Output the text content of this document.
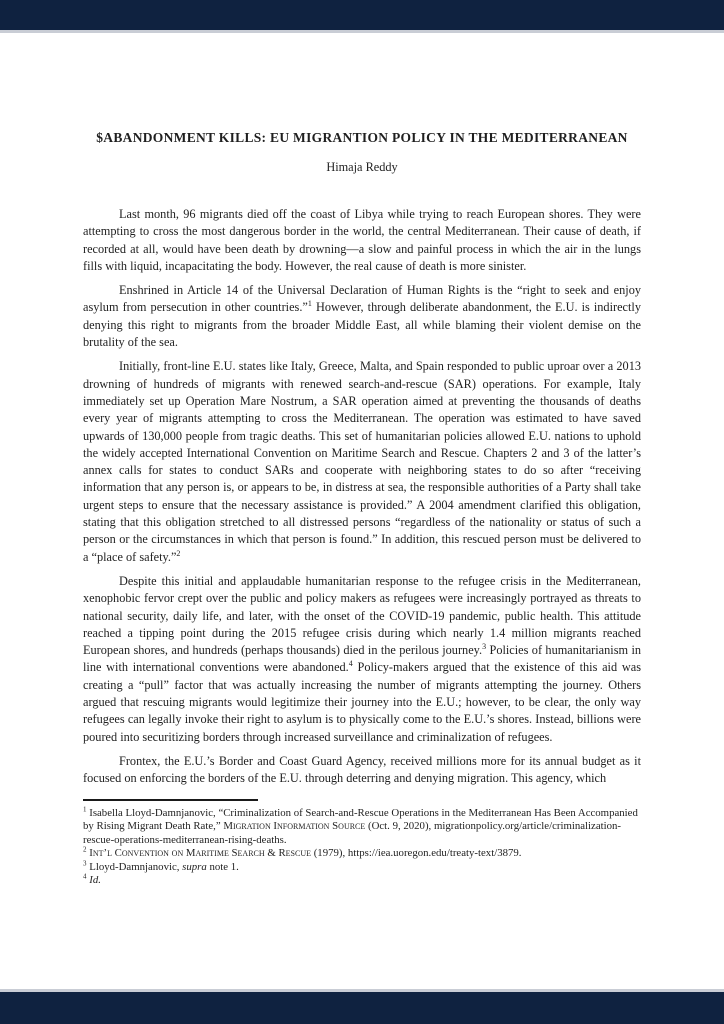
$ABANDONMENT KILLS: EU MIGRANTION POLICY IN THE MEDITERRANEAN
Himaja Reddy

Last month, 96 migrants died off the coast of Libya while trying to reach European shores. They were attempting to cross the most dangerous border in the world, the central Mediterranean. Their cause of death, if recorded at all, would have been death by drowning—a slow and painful process in which the air in the lungs fills with liquid, incapacitating the body. However, the real cause of death is more sinister.

Enshrined in Article 14 of the Universal Declaration of Human Rights is the “right to seek and enjoy asylum from persecution in other countries.”$^1$ However, through deliberate abandonment, the E.U. is indirectly denying this right to migrants from the broader Middle East, all while blaming their violent demise on the brutality of the sea.

Initially, front-line E.U. states like Italy, Greece, Malta, and Spain responded to public uproar over a 2013 drowning of hundreds of migrants with renewed search-and-rescue (SAR) operations. For example, Italy immediately set up Operation Mare Nostrum, a SAR operation aimed at preventing the thousands of deaths every year of migrants attempting to cross the Mediterranean. The operation was estimated to have saved upwards of 130,000 people from tragic deaths. This set of humanitarian policies allowed E.U. nations to uphold the widely accepted International Convention on Maritime Search and Rescue. Chapters 2 and 3 of the latter’s annex calls for states to conduct SARs and cooperate with neighboring states to do so after “receiving information that any person is, or appears to be, in distress at sea, the responsible authorities of a Party shall take urgent steps to ensure that the necessary assistance is provided.” A 2004 amendment clarified this obligation, stating that this obligation stretched to all distressed persons “regardless of the nationality or status of such a person or the circumstances in which that person is found.” In addition, this rescued person must be delivered to a “place of safety.”$^2$

Despite this initial and applaudable humanitarian response to the refugee crisis in the Mediterranean, xenophobic fervor crept over the public and policy makers as refugees were increasingly portrayed as threats to national security, daily life, and later, with the onset of the COVID-19 pandemic, public health. This attitude reached a tipping point during the 2015 refugee crisis during which nearly 1.4 million migrants reached European shores, and hundreds (perhaps thousands) died in the perilous journey.$^3$ Policies of humanitarianism in line with international conventions were abandoned.$^4$ Policy-makers argued that the existence of this aid was creating a “pull” factor that was actually increasing the number of migrants attempting the journey. Others argued that rescuing migrants would legitimize their journey into the E.U.; however, to be clear, the only way refugees can legally invoke their right to asylum is to physically come to the E.U.’s shores. Instead, billions were poured into securitizing borders through increased surveillance and criminalization of refugees.

Frontex, the E.U.’s Border and Coast Guard Agency, received millions more for its annual budget as it focused on enforcing the borders of the E.U. through deterring and denying migration. This agency, which

$^1$ Isabella Lloyd-Damnjanovic, “Criminalization of Search-and-Rescue Operations in the Mediterranean Has Been Accompanied by Rising Migrant Death Rate,” Migration Information Source (Oct. 9, 2020), migrationpolicy.org/article/criminalization-rescue-operations-mediterranean-rising-deaths.

$^2$ Int’l Convention on Maritime Search & Rescue (1979), https://iea.uoregon.edu/treaty-text/3879.

$^3$ Lloyd-Damnjanovic, supra note 1.

$^4$ Id.
